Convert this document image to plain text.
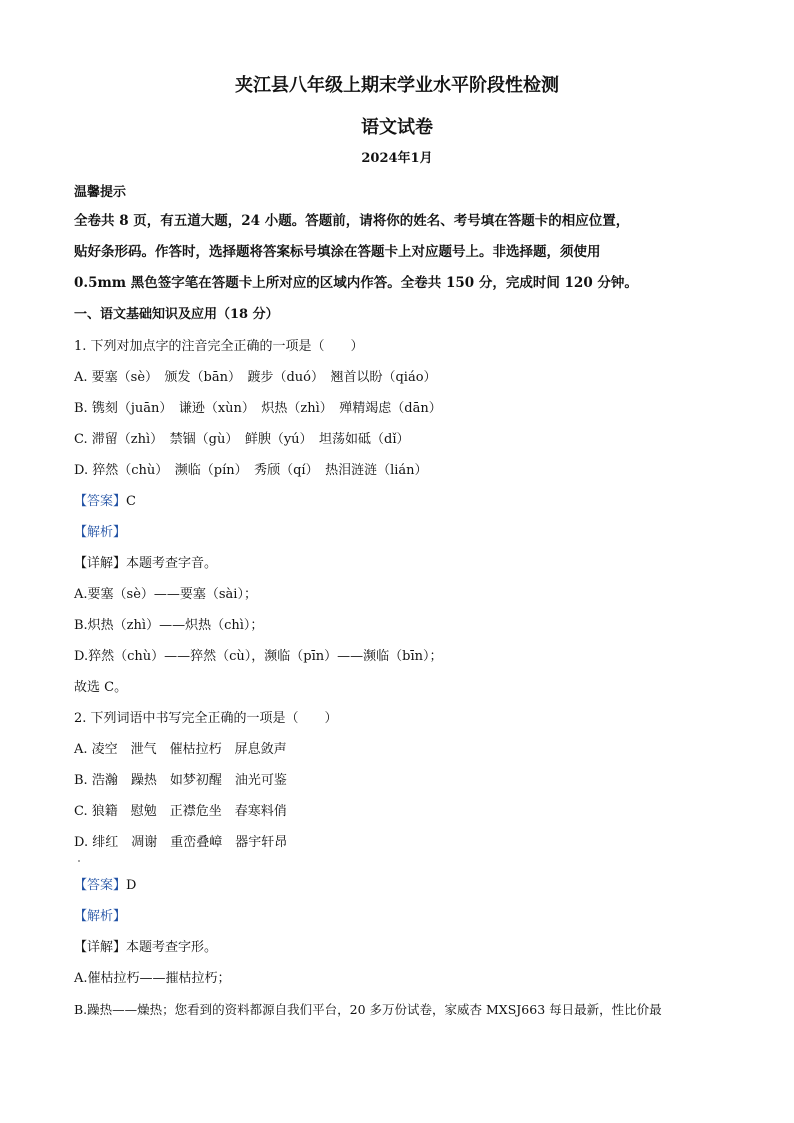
夹江县八年级上期末学业水平阶段性检测
语文试卷
2024年1月
温馨提示
全卷共 8 页，有五道大题，24 小题。答题前，请将你的姓名、考号填在答题卡的相应位置，
贴好条形码。作答时，选择题将答案标号填涂在答题卡上对应题号上。非选择题，须使用
0.5mm 黑色签字笔在答题卡上所对应的区域内作答。全卷共 150 分，完成时间 120 分钟。
一、语文基础知识及应用（18 分）
1. 下列对加点字的注音完全正确的一项是（　　）
A. 要塞（sè）　颁发（bān）　踱步（duó）　翘首以盼（qiáo）
B. 镌刻（juān）　谦逊（xùn）　炽热（zhì）　殚精竭虑（dān）
C. 滞留（zhì）　禁锢（gù）　鲜腴（yú）　坦荡如砥（dǐ）
D. 猝然（chù）　濒临（pín）　秀颀（qí）　热泪涟涟（lián）
【答案】C
【解析】
【详解】本题考查字音。
A.要塞（sè）——要塞（sài）；
B.炽热（zhì）——炽热（chì）；
D.猝然（chù）——猝然（cù），濒临（pīn）——濒临（bīn）；
故选 C。
2. 下列词语中书写完全正确的一项是（　　）
A. 凌空　泄气　催枯拉朽　屏息敛声
B. 浩瀚　躁热　如梦初醒　油光可鉴
C. 狼籍　慰勉　正襟危坐　春寒料俏
D. 绯红　凋谢　重峦叠嶂　器宇轩昂
【答案】D
【解析】
【详解】本题考查字形。
A.催枯拉朽——摧枯拉朽；
B.躁热——燥热；您看到的资料都源自我们平台，20 多万份试卷，家威杏 MXSJ663 每日最新，性比价最
